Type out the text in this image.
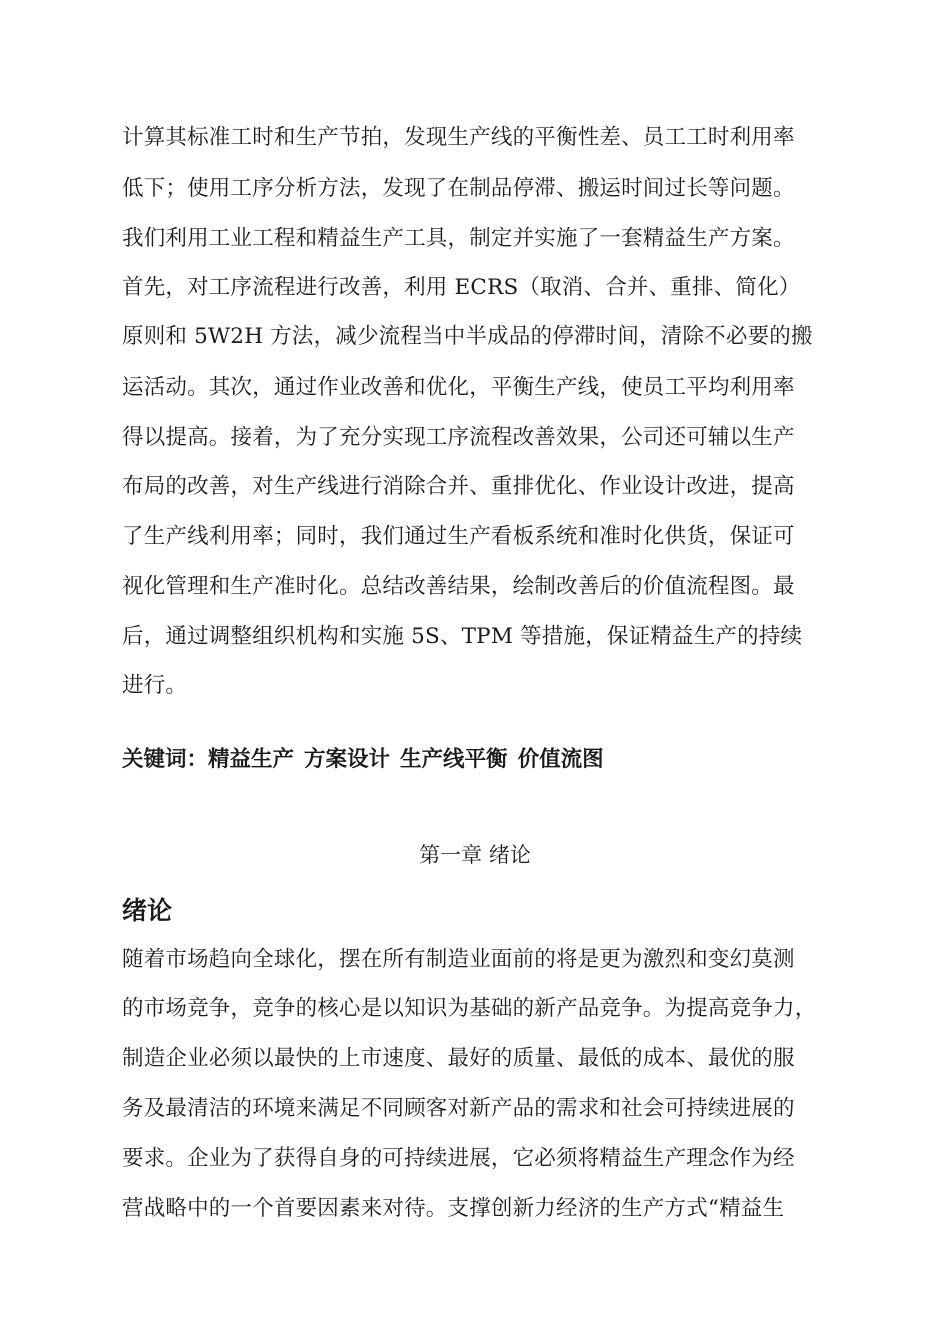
计算其标准工时和生产节拍，发现生产线的平衡性差、员工工时利用率
低下；使用工序分析方法，发现了在制品停滞、搬运时间过长等问题。
我们利用工业工程和精益生产工具，制定并实施了一套精益生产方案。
首先，对工序流程进行改善，利用 ECRS（取消、合并、重排、简化）
原则和 5W2H 方法，减少流程当中半成品的停滞时间，清除不必要的搬
运活动。其次，通过作业改善和优化，平衡生产线，使员工平均利用率
得以提高。接着，为了充分实现工序流程改善效果，公司还可辅以生产
布局的改善，对生产线进行消除合并、重排优化、作业设计改进，提高
了生产线利用率；同时，我们通过生产看板系统和准时化供货，保证可
视化管理和生产准时化。总结改善结果，绘制改善后的价值流程图。最
后，通过调整组织机构和实施 5S、TPM 等措施，保证精益生产的持续
进行。
关键词：精益生产 方案设计 生产线平衡 价值流图
第一章 绪论
绪论
随着市场趋向全球化，摆在所有制造业面前的将是更为激烈和变幻莫测
的市场竞争，竞争的核心是以知识为基础的新产品竞争。为提高竞争力，
制造企业必须以最快的上市速度、最好的质量、最低的成本、最优的服
务及最清洁的环境来满足不同顾客对新产品的需求和社会可持续进展的
要求。企业为了获得自身的可持续进展，它必须将精益生产理念作为经
营战略中的一个首要因素来对待。支撑创新力经济的生产方式“精益生
